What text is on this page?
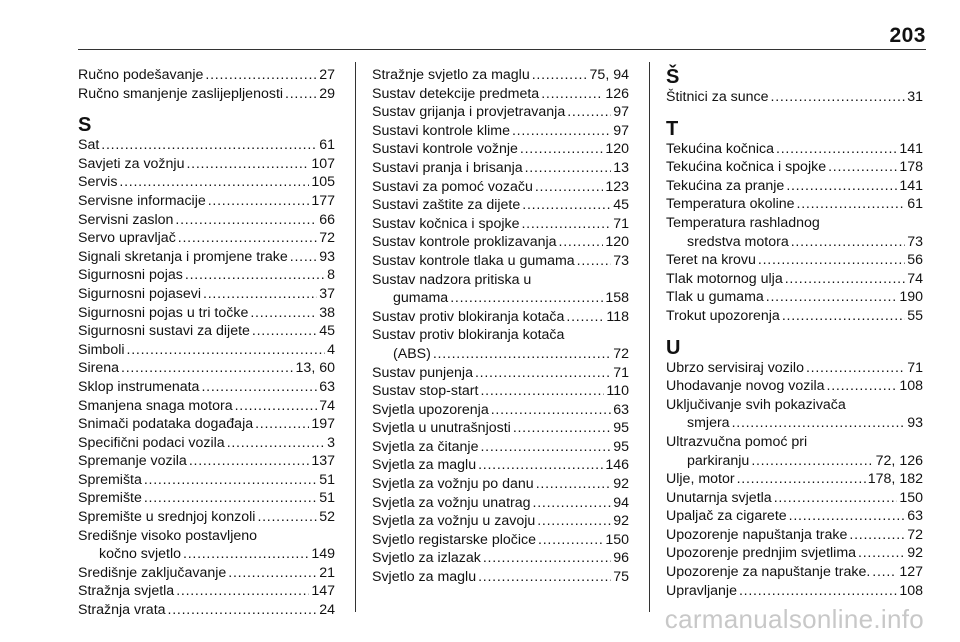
203
Ručno podešavanje . . .	27
Ručno smanjenje zaslijepljenosti . . .	29
S
Sat . . .	61
Savjeti za vožnju . . .	107
Servis . . .	105
Servisne informacije . . .	177
Servisni zaslon . . .	66
Servo upravljač . . .	72
Signali skretanja i promjene trake . . . 93
Sigurnosni pojas . . .	8
Sigurnosni pojasevi . . .	37
Sigurnosni pojas u tri točke . . .	38
Sigurnosni sustavi za dijete . . .	45
Simboli . . .	4
Sirena . . .	13, 60
Sklop instrumenata . . .	63
Smanjena snaga motora . . .	74
Snimači podataka događaja . . .	197
Specifični podaci vozila . . .	3
Spremanje vozila . . .	137
Spremišta . . .	51
Spremište . . .	51
Spremište u srednjoj konzoli . . .	52
Središnje visoko postavljeno
kočno svjetlo . . .	149
Središnje zaključavanje . . .	21
Stražnja svjetla . . .	147
Stražnja vrata . . .	24
Stražnje svjetlo za maglu . . .	75, 94
Sustav detekcije predmeta . . .	126
Sustav grijanja i provjetravanja . . .	97
Sustavi kontrole klime . . .	97
Sustavi kontrole vožnje . . .	120
Sustavi pranja i brisanja . . .	13
Sustavi za pomoć vozaču . . .	123
Sustavi zaštite za dijete . . .	45
Sustav kočnica i spojke . . .	71
Sustav kontrole proklizavanja . . .	120
Sustav kontrole tlaka u gumama . . .	73
Sustav nadzora pritiska u
gumama . . .	158
Sustav protiv blokiranja kotača . . .	118
Sustav protiv blokiranja kotača
(ABS) . . .	72
Sustav punjenja . . .	71
Sustav stop-start . . .	110
Svjetla upozorenja . . .	63
Svjetla u unutrašnjosti . . .	95
Svjetla za čitanje . . .	95
Svjetla za maglu . . .	146
Svjetla za vožnju po danu . . .	92
Svjetla za vožnju unatrag . . .	94
Svjetla za vožnju u zavoju . . .	92
Svjetlo registarske pločice . . .	150
Svjetlo za izlazak . . .	96
Svjetlo za maglu . . .	75
Š
Štitnici za sunce . . .	31
T
Tekućina kočnica . . .	141
Tekućina kočnica i spojke . . .	178
Tekućina za pranje . . .	141
Temperatura okoline . . .	61
Temperatura rashladnog
sredstva motora . . .	73
Teret na krovu . . .	56
Tlak motornog ulja . . .	74
Tlak u gumama . . .	190
Trokut upozorenja . . .	55
U
Ubrzo servisiraj vozilo . . .	71
Uhodavanje novog vozila . . .	108
Uključivanje svih pokazivača
smjera . . .	93
Ultrazvučna pomoć pri
parkiranju . . .	72, 126
Ulje, motor . . .	178, 182
Unutarnja svjetla . . .	150
Upaljač za cigarete . . .	63
Upozorenje napuštanja trake . . .	72
Upozorenje prednjim svjetlima . . .	92
Upozorenje za napuštanje trake. . . . 127
Upravljanje . . .	108
carmanualsonline.info
